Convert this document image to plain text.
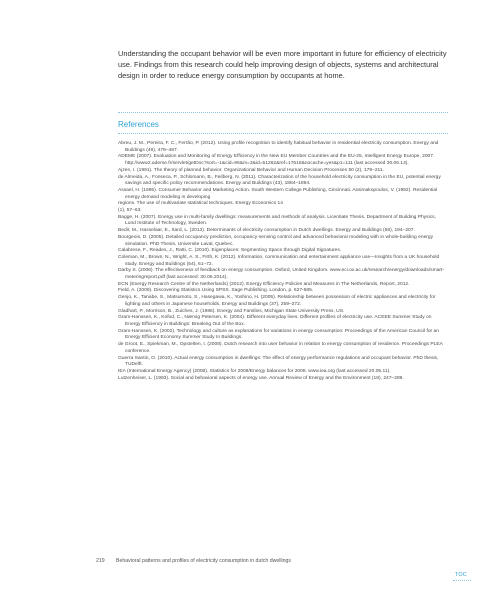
Understanding the occupant behavior will be even more important in future for efficiency of electricity use. Findings from this research could help improving design of objects, systems and architectural design in order to reduce energy consumption by occupants at home.

References
Abreu, J. M., Pereira, F. C., Ferrão, P. (2012). Using profile recognition to identify habitual behavior in residential electricity consumption. Energy and Buildings (49), 479–487.
ADEME (2007). Evaluation and Monitoring of Energy Efficiency in the New EU Member Countries and the EU-25, Intelligent Energy Europe, 2007. http://www2.ademe.fr/servlet/getDoc?sort=-1&cid=96&m=3&id=51262&ref=17618&nocache=yes&p1=111 (last accessed 30.06.14).
Ajzen, I. (1991). The theory of planned behavior. Organizational Behavior and Human Decision Processes 50 (2), 179–211.
de Almeida, A., Fonseca, P., Schlomann, B., Feilberg, N. (2011). Characterization of the household electricity consumption in the EU, potential energy savings and specific policy recommendations. Energy and Buildings (43), 1884–1894.
Assael, H. (1995). Consumer Behavior and Marketing Action. South Western College Publishing, Cincinnati. Assimakopoulos, V. (1992). Residential energy demand modeling in developing
regions. The use of multivariate statistical techniques. Energy Economics 14
(1), 57–63.
Bagge, H. (2007). Energy use in multi-family dwellings: measurements and methods of analysis. Licentiate Thesis, Department of Building Physics, Lund Institute of Technology, Sweden.
Bedir, M., Hasselaar, E., Itard, L. (2013). Determinants of electricity consumption in Dutch dwellings. Energy and Buildings (58), 194–207.
Bourgeois, D. (2005). Detailed occupancy prediction, occupancy-sensing control and advanced behavioral modeling with in whole-building energy simulation. PhD Thesis, Universite Laval, Quebec.
Calabrese, F., Reades, J., Ratti, C. (2010). Eigenplaces: Segmenting Space through Digital Signatures.
Coleman, M., Brown, N., Wright, A. S., Firth, K. (2012). Information, communication and entertainment appliance use—Insights from a UK household study. Energy and Buildings (54), 61–72.
Darby S. (2006). The effectiveness of feedback on energy consumption. Oxford, United Kingdom. www.eci.ox.ac.uk/research/energy/downloads/smart-meteringreport.pdf (last accessed: 30.06.2014).
ECN (Energy Research Centre of the Netherlands) (2012). Energy Efficiency Policies and Measures in The Netherlands, Report, 2012.
Field, A. (2009). Discovering Statistics Using SPSS. Sage Publishing. London, p. 627-685.
Genjo, K., Tanabe, S., Matsumoto, S., Hasegawa, K., Yoshino, H. (2005). Relationship between possession of electric appliances and electricity for lighting and others in Japanese households. Energy and Buildings (37), 259–272.
Gladhart, P., Morrison, B., Zuiches, J. (1986). Energy and Families, Michigan State University Press, US.
Gram-Hanssen, K., Kofod, C., Nærvig Petersen, K. (2004). Different everyday lives. Different profiles of electricity use. ACEEE Summer Study on Energy Efficiency in Buildings: Breaking Out of the Box.
Gram-Hanssen, K. (2002). Technology and culture as explanations for variations in energy consumption: Proceedings of the American Council for an Energy Efficient Economy Summer Study In Buildings.
de Groot, E., Spiekman, M., Opstelten, I. (2008). Dutch research into user behavior in relation to energy consumption of residence. Proceedings PLEA conference.
Guerra Santin, O. (2010). Actual energy consumption in dwellings: The effect of energy performance regulations and occupant behavior. PhD thesis, TUDelft.
IEA (International Energy Agency) (2008). Statistics for 2008/Energy balances for 2008. www.iea.org (last accessed 20.05.11).
Lutzenheiser, L. (1993). Social and behavioral aspects of energy use. Annual Review of Energy and the Environment (18), 247–289.
219 Behavioral patterns and profiles of electricity consumption in dutch dwellings
TOC
